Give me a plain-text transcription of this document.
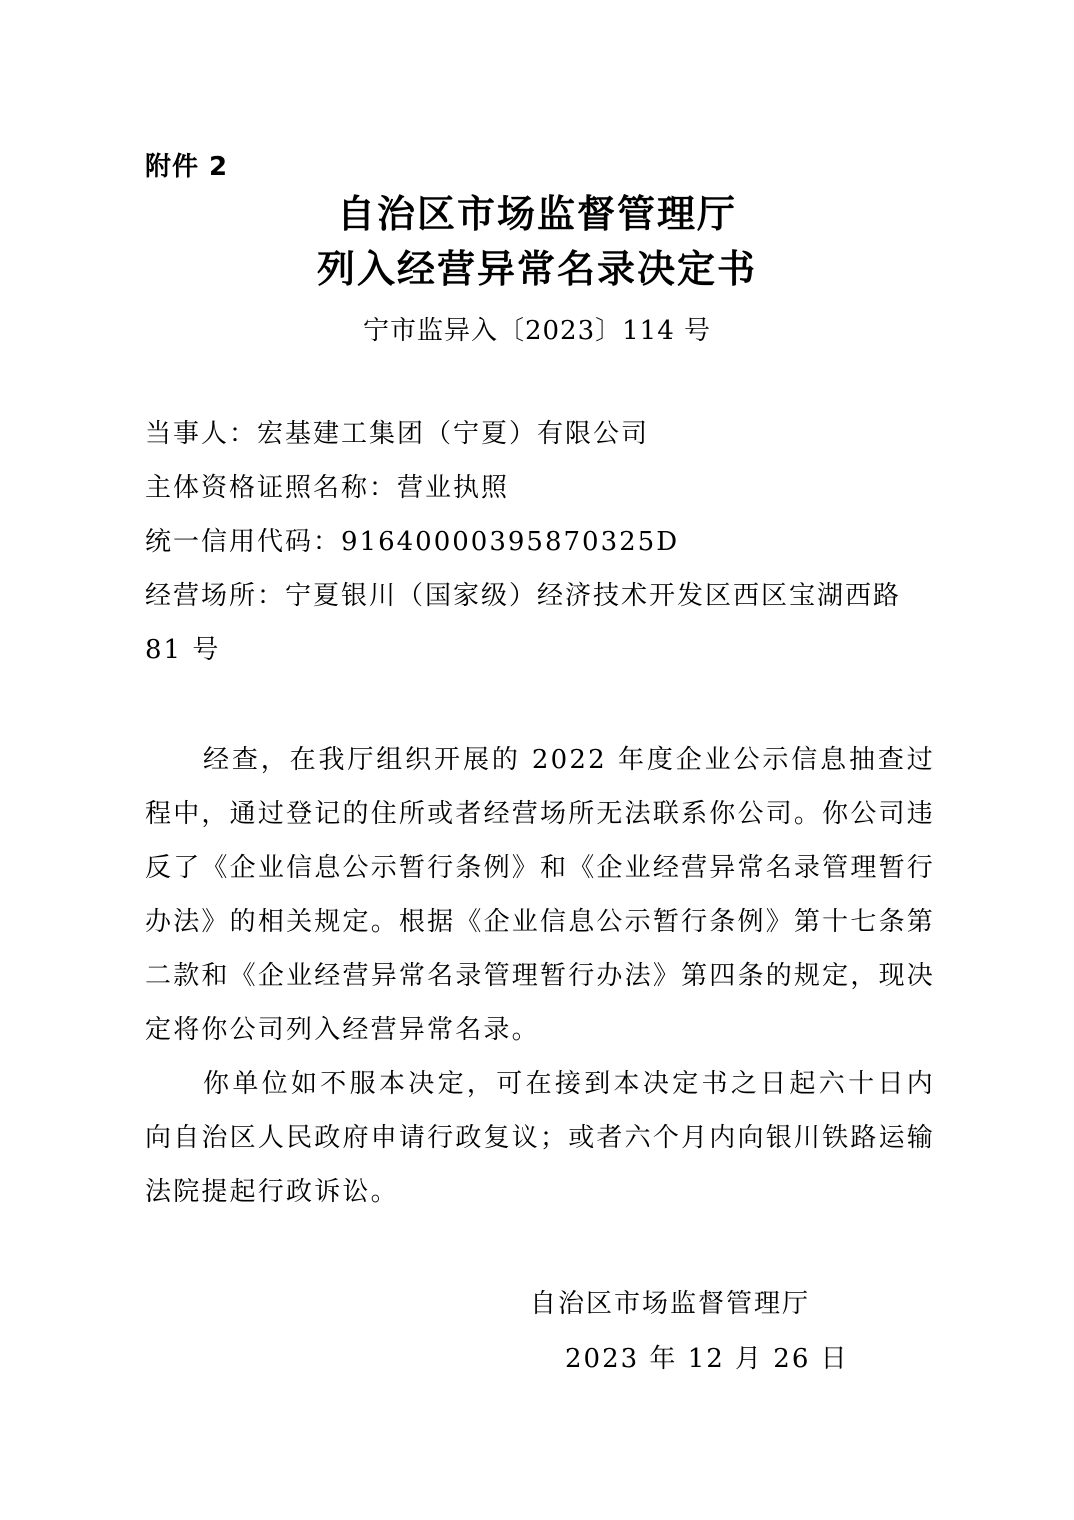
附件 2
自治区市场监督管理厅
列入经营异常名录决定书
宁市监异入〔2023〕114 号
当事人：宏基建工集团（宁夏）有限公司
主体资格证照名称：营业执照
统一信用代码：91640000395870325D
经营场所：宁夏银川（国家级）经济技术开发区西区宝湖西路 81 号
经查，在我厅组织开展的 2022 年度企业公示信息抽查过程中，通过登记的住所或者经营场所无法联系你公司。你公司违反了《企业信息公示暂行条例》和《企业经营异常名录管理暂行办法》的相关规定。根据《企业信息公示暂行条例》第十七条第二款和《企业经营异常名录管理暂行办法》第四条的规定，现决定将你公司列入经营异常名录。
你单位如不服本决定，可在接到本决定书之日起六十日内向自治区人民政府申请行政复议；或者六个月内向银川铁路运输法院提起行政诉讼。
自治区市场监督管理厅
2023 年 12 月 26 日
